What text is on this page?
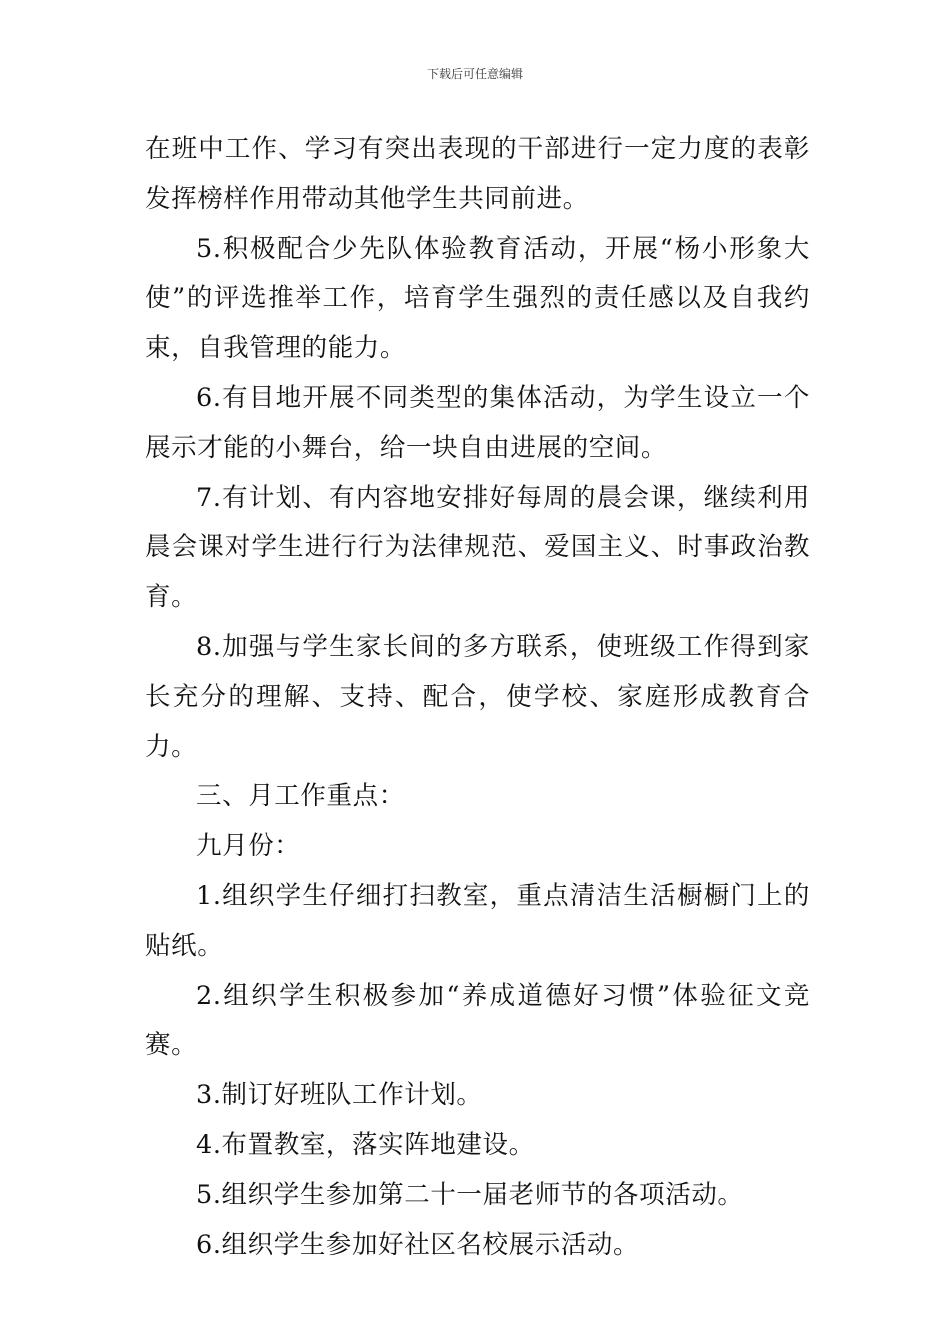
下载后可任意编辑

在班中工作、学习有突出表现的干部进行一定力度的表彰发挥榜样作用带动其他学生共同前进。

5.积极配合少先队体验教育活动，开展“杨小形象大使”的评选推举工作，培育学生强烈的责任感以及自我约束，自我管理的能力。

6.有目地开展不同类型的集体活动，为学生设立一个展示才能的小舞台，给一块自由进展的空间。

7.有计划、有内容地安排好每周的晨会课，继续利用晨会课对学生进行行为法律规范、爱国主义、时事政治教育。

8.加强与学生家长间的多方联系，使班级工作得到家长充分的理解、支持、配合，使学校、家庭形成教育合力。

三、月工作重点：

九月份：

1.组织学生仔细打扫教室，重点清洁生活橱橱门上的贴纸。

2.组织学生积极参加“养成道德好习惯”体验征文竞赛。

3.制订好班队工作计划。

4.布置教室，落实阵地建设。

5.组织学生参加第二十一届老师节的各项活动。

6.组织学生参加好社区名校展示活动。
